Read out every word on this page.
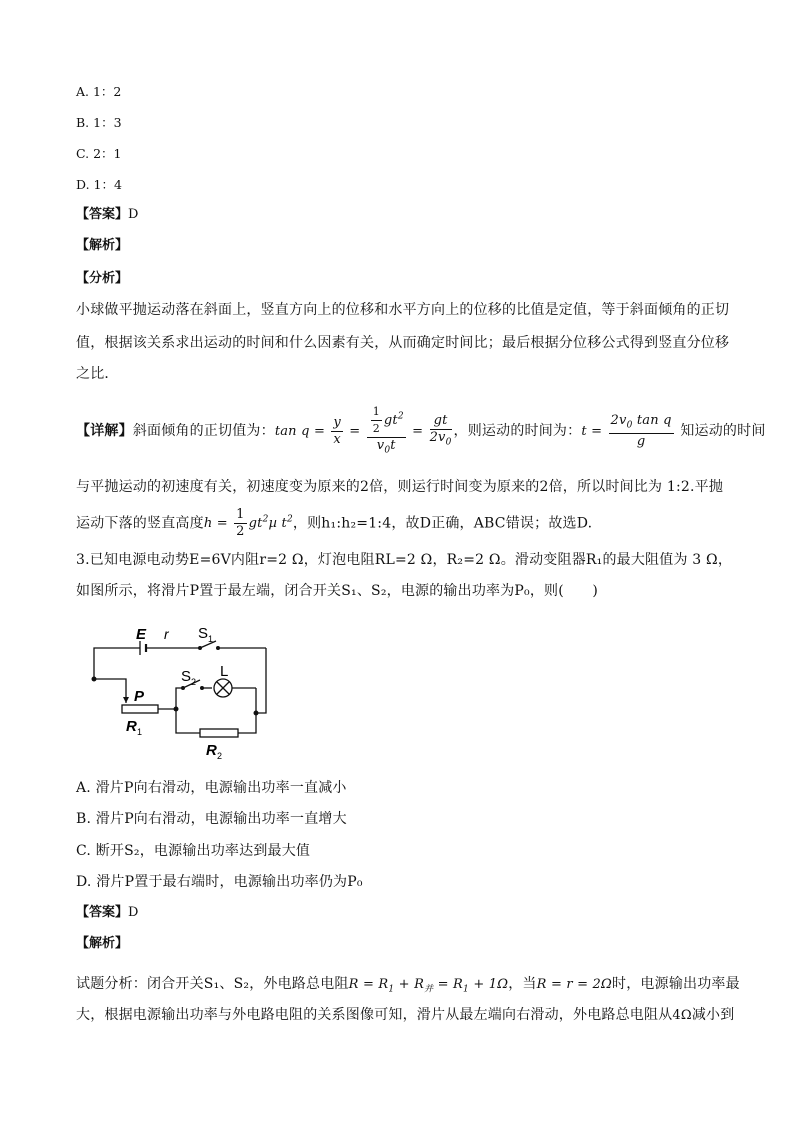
A. 1：2
B. 1：3
C. 2：1
D. 1：4
【答案】D
【解析】
【分析】
小球做平抛运动落在斜面上，竖直方向上的位移和水平方向上的位移的比值是定值，等于斜面倾角的正切
值，根据该关系求出运动的时间和什么因素有关，从而确定时间比；最后根据分位移公式得到竖直分位移
之比．
【详解】斜面倾角的正切值为：$\tan q = \frac{y}{x} = \frac{\frac{1}{2} gt^2}{v_0t} = \frac{gt}{2v_0}$ ，则运动的时间为：$t = \frac{2v_0 \tan q}{g}$ 知运动的时间
与平抛运动的初速度有关，初速度变为原来的2倍，则运行时间变为原来的2倍，所以时间比为 1:2.平抛
运动下落的竖直高度$h = \frac{1}{2} gt^2\mu$ $t^2$，则h₁:h₂=1:4，故D正确，ABC错误；故选D.
3.已知电源电动势E=6V内阻r=2 Ω，灯泡电阻RL=2 Ω，R₂=2 Ω。滑动变阻器R₁的最大阻值为 3 Ω，
如图所示，将滑片P置于最左端，闭合开关S₁、S₂，电源的输出功率为P₀，则(　　)
E r S 1
S 2
L
P
R 1
R 2
A. 滑片P向右滑动，电源输出功率一直减小
B. 滑片P向右滑动，电源输出功率一直增大
C. 断开S₂，电源输出功率达到最大值
D. 滑片P置于最右端时，电源输出功率仍为P₀
【答案】D
【解析】
试题分析：闭合开关S₁、S₂，外电路总电阻$R = R_1 + R_并 = R_1 + 1\Omega$，当R = r = 2Ω时，电源输出功率最
大，根据电源输出功率与外电路电阻的关系图像可知，滑片从最左端向右滑动，外电路总电阻从4Ω减小到
